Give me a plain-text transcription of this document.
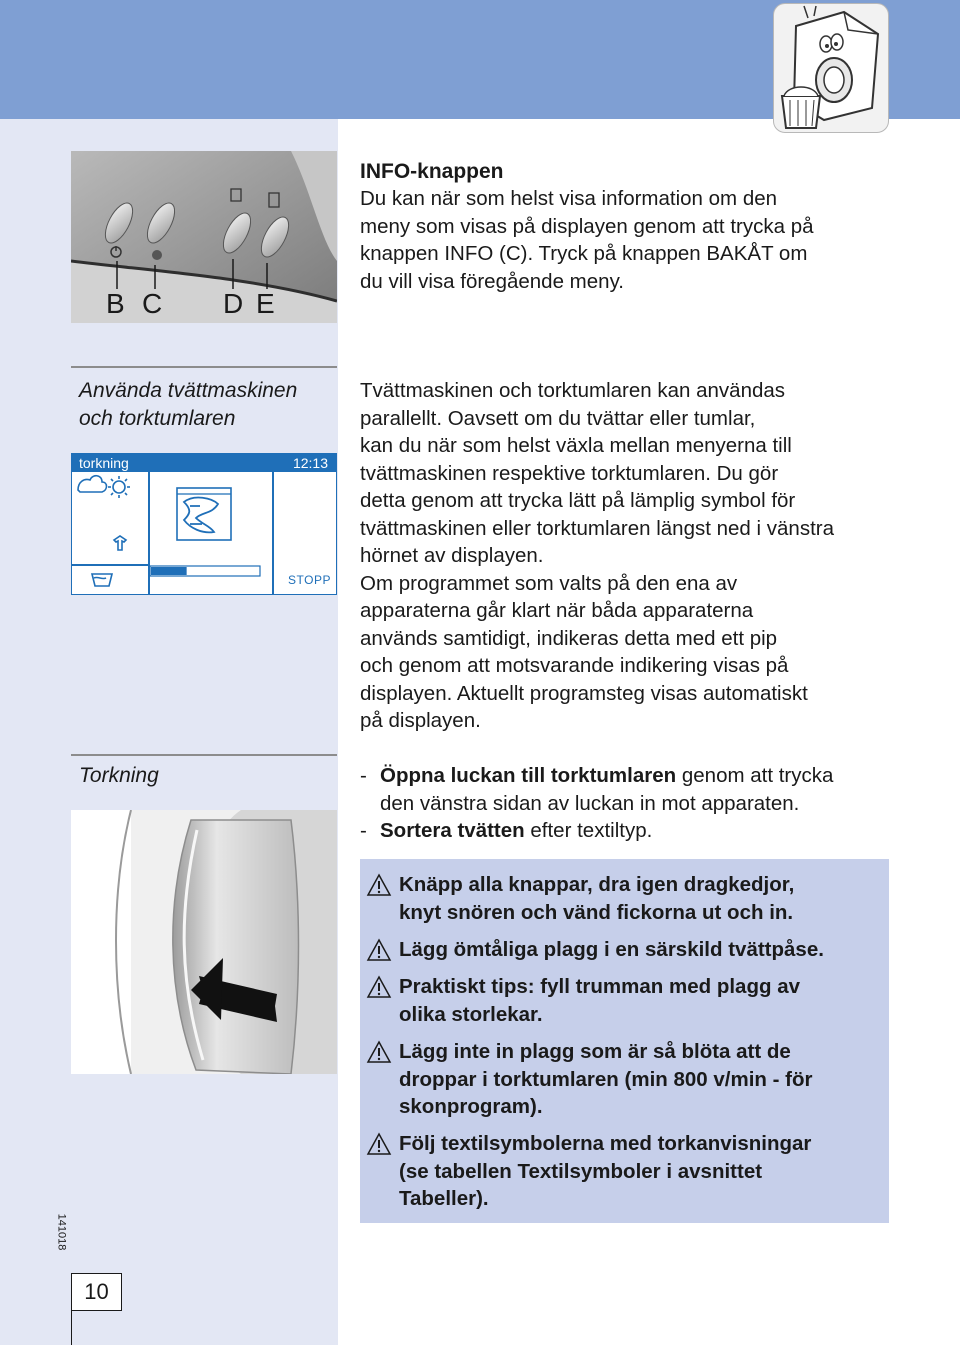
B C D E

INFO-knappen

Du kan när som helst visa information om den
meny som visas på displayen genom att trycka på
knappen INFO (C). Tryck på knappen BAKÅT om
du vill visa föregående meny.
Använda tvättmaskinen
och torktumlaren
Tvättmaskinen och torktumlaren kan användas
parallellt. Oavsett om du tvättar eller tumlar,
kan du när som helst växla mellan menyerna till
tvättmaskinen respektive torktumlaren. Du gör
detta genom att trycka lätt på lämplig symbol för
tvättmaskinen eller torktumlaren längst ned i vänstra
hörnet av displayen.
Om programmet som valts på den ena av
apparaterna går klart när båda apparaterna
används samtidigt, indikeras detta med ett pip
och genom att motsvarande indikering visas på
displayen. Aktuellt programsteg visas automatiskt
på displayen.
torkning	12:13
STOPP
Torkning	- Öppna luckan till torktumlaren genom att trycka
den vänstra sidan av luckan in mot apparaten.
- Sortera tvätten efter textiltyp.
Knäpp alla knappar, dra igen dragkedjor,
knyt snören och vänd fickorna ut och in.
Lägg ömtåliga plagg i en särskild tvättpåse.
Praktiskt tips: fyll trumman med plagg av
olika storlekar.
Lägg inte in plagg som är så blöta att de
droppar i torktumlaren (min 800 v/min - för
skonprogram).
Följ textilsymbolerna med torkanvisningar
(se tabellen Textilsymboler i avsnittet
Tabeller).
141018
10
